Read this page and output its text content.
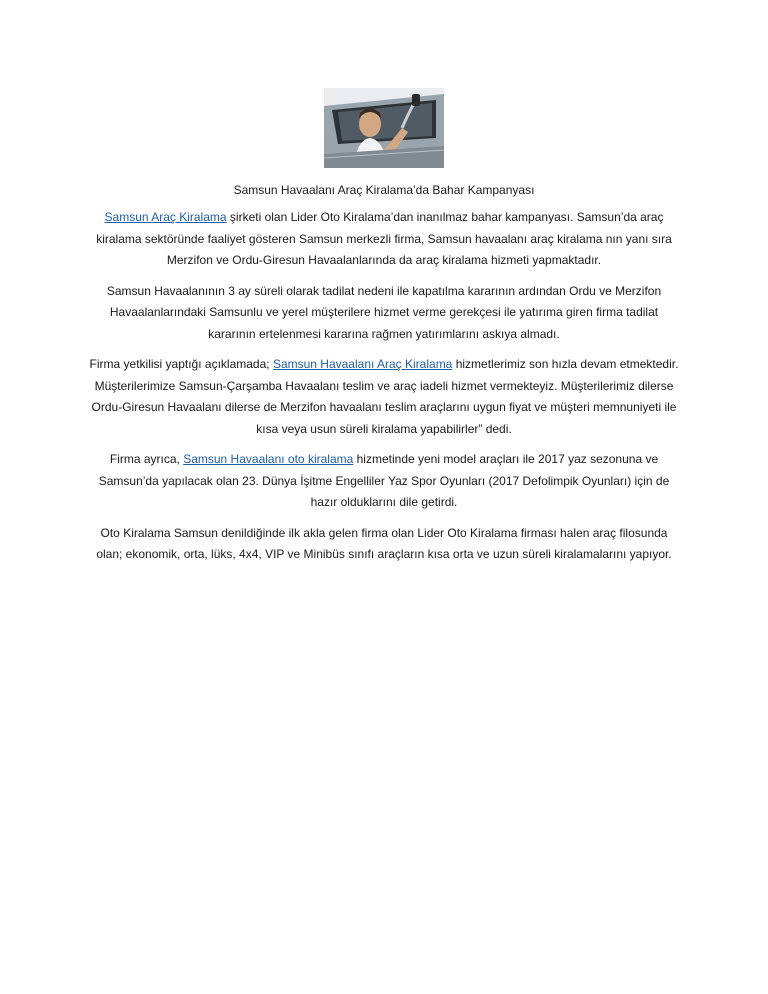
Samsun Havaalanı Araç Kiralama’da Bahar Kampanyası

Samsun Araç Kiralama şirketi olan Lider Oto Kiralama’dan inanılmaz bahar kampanyası. Samsun’da araç kiralama sektöründe faaliyet gösteren Samsun merkezli firma, Samsun havaalanı araç kiralama nın yanı sıra Merzifon ve Ordu-Giresun Havaalanlarında da araç kiralama hizmeti yapmaktadır.

Samsun Havaalanının 3 ay süreli olarak tadilat nedeni ile kapatılma kararının ardından Ordu ve Merzifon Havaalanlarındaki Samsunlu ve yerel müşterilere hizmet verme gerekçesi ile yatırıma giren firma tadilat kararının ertelenmesi kararına rağmen yatırımlarını askıya almadı.

Firma yetkilisi yaptığı açıklamada; Samsun Havaalanı Araç Kiralama hizmetlerimiz son hızla devam etmektedir. Müşterilerimize Samsun-Çarşamba Havaalanı teslim ve araç iadeli hizmet vermekteyiz. Müşterilerimiz dilerse Ordu-Giresun Havaalanı dilerse de Merzifon havaalanı teslim araçlarını uygun fiyat ve müşteri memnuniyeti ile kısa veya usun süreli kiralama yapabilirler” dedi.

Firma ayrıca, Samsun Havaalanı oto kiralama hizmetinde yeni model araçları ile 2017 yaz sezonuna ve Samsun’da yapılacak olan 23. Dünya İşitme Engelliler Yaz Spor Oyunları (2017 Defolimpik Oyunları) için de hazır olduklarını dile getirdi.

Oto Kiralama Samsun denildiğinde ilk akla gelen firma olan Lider Oto Kiralama firması halen araç filosunda olan; ekonomik, orta, lüks, 4x4, VIP ve Minibüs sınıfı araçların kısa orta ve uzun süreli kiralamalarını yapıyor.
